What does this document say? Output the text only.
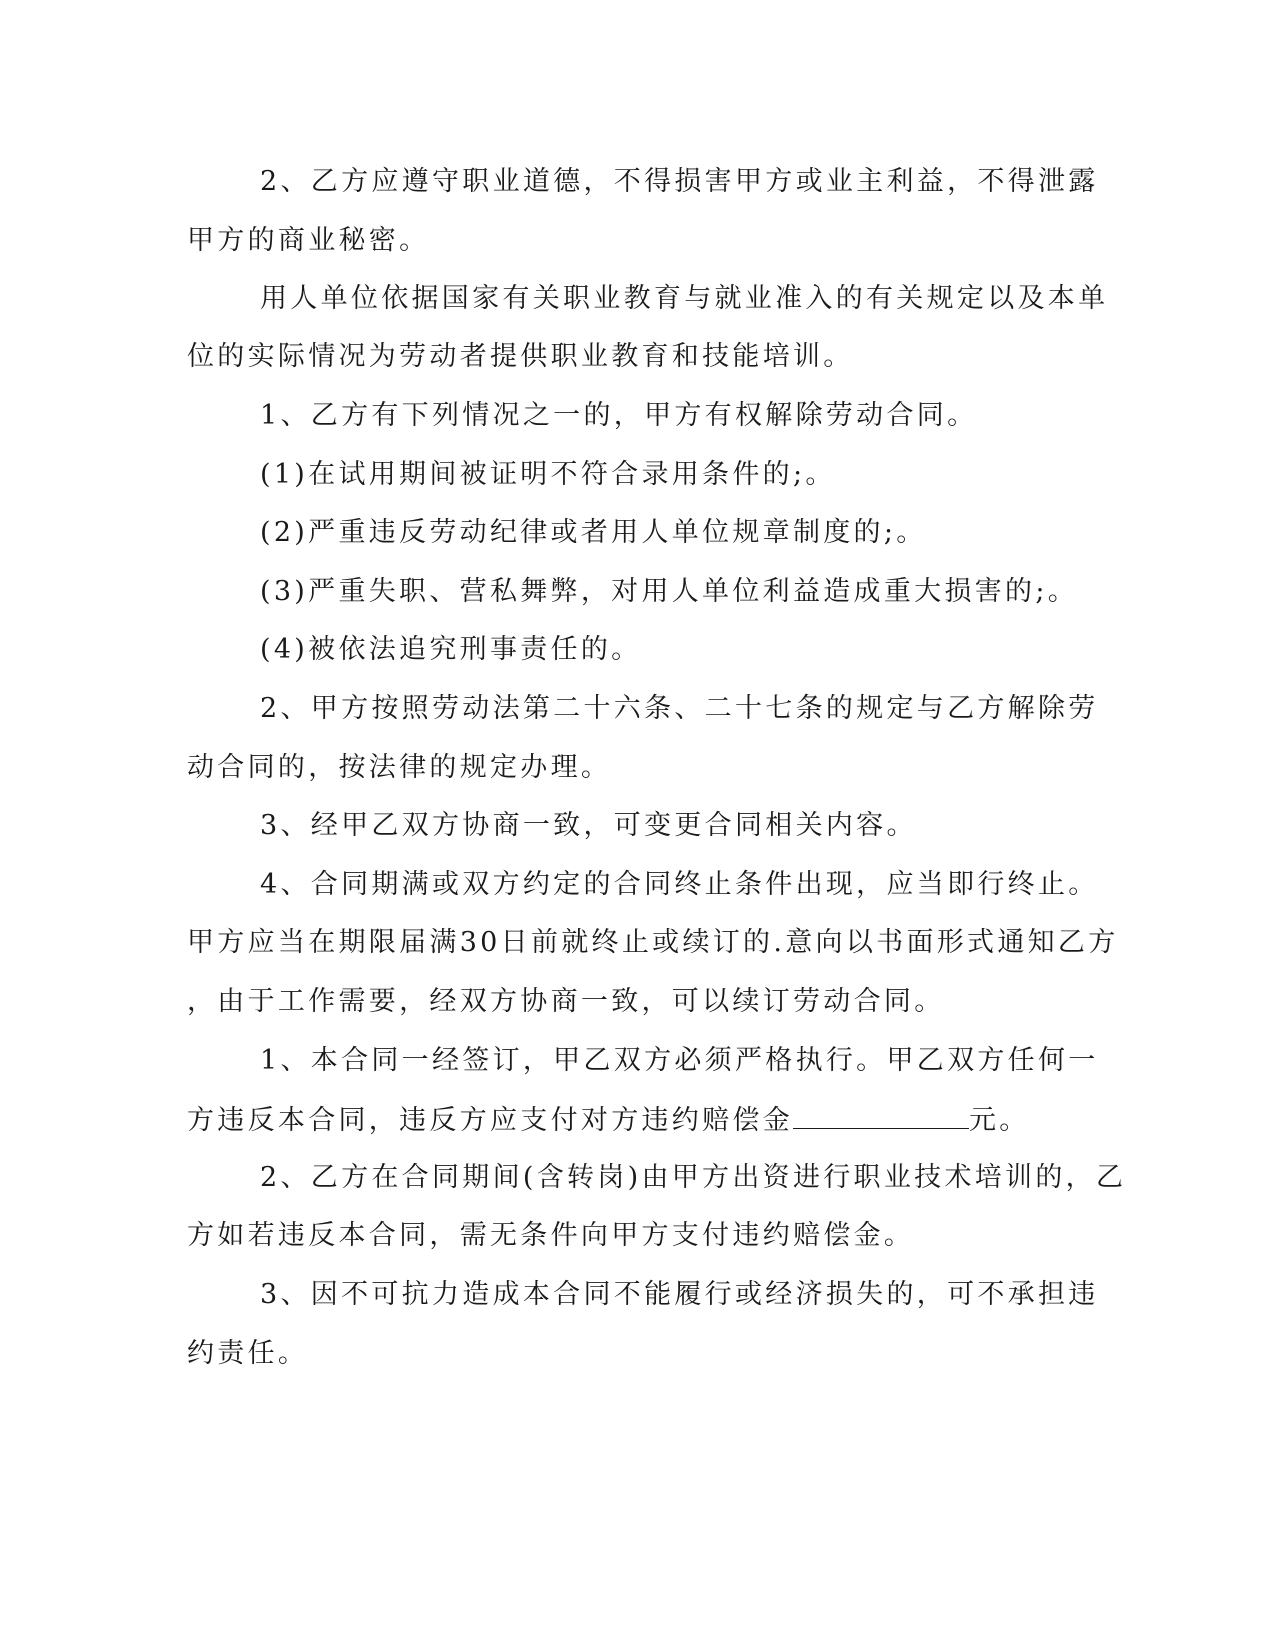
2、乙方应遵守职业道德，不得损害甲方或业主利益，不得泄露
甲方的商业秘密。
用人单位依据国家有关职业教育与就业准入的有关规定以及本单
位的实际情况为劳动者提供职业教育和技能培训。
1、乙方有下列情况之一的，甲方有权解除劳动合同。
(1)在试用期间被证明不符合录用条件的;。
(2)严重违反劳动纪律或者用人单位规章制度的;。
(3)严重失职、营私舞弊，对用人单位利益造成重大损害的;。
(4)被依法追究刑事责任的。
2、甲方按照劳动法第二十六条、二十七条的规定与乙方解除劳
动合同的，按法律的规定办理。
3、经甲乙双方协商一致，可变更合同相关内容。
4、合同期满或双方约定的合同终止条件出现，应当即行终止。
甲方应当在期限届满30日前就终止或续订的.意向以书面形式通知乙方
，由于工作需要，经双方协商一致，可以续订劳动合同。
1、本合同一经签订，甲乙双方必须严格执行。甲乙双方任何一
方违反本合同，违反方应支付对方违约赔偿金	元。
2、乙方在合同期间(含转岗)由甲方出资进行职业技术培训的，乙
方如若违反本合同，需无条件向甲方支付违约赔偿金。
3、因不可抗力造成本合同不能履行或经济损失的，可不承担违
约责任。
